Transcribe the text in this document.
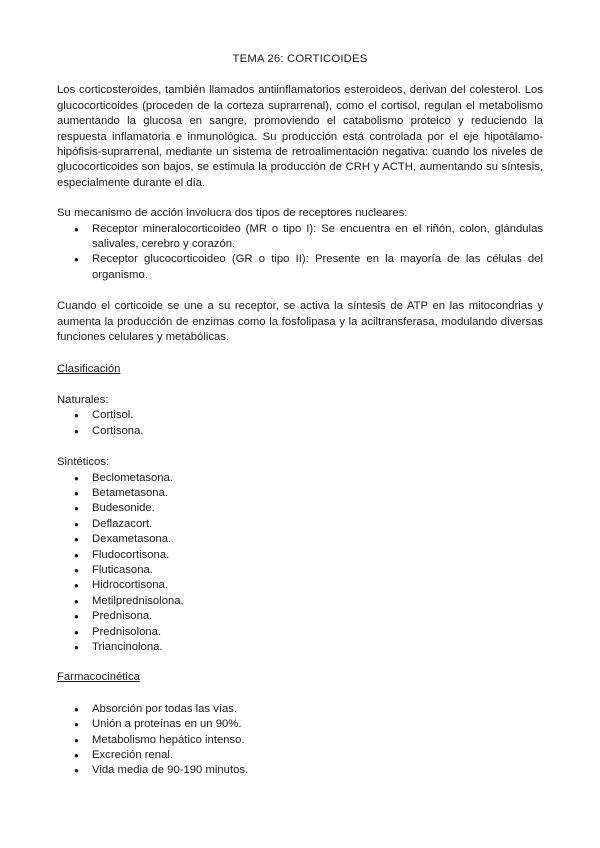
TEMA 26: CORTICOIDES

Los corticosteroides, también llamados antiinflamatorios esteroideos, derivan del colesterol. Los glucocorticoides (proceden de la corteza suprarrenal), como el cortisol, regulan el metabolismo aumentando la glucosa en sangre, promoviendo el catabolismo proteico y reduciendo la respuesta inflamatoria e inmunológica. Su producción está controlada por el eje hipotálamo-hipófisis-suprarrenal, mediante un sistema de retroalimentación negativa: cuando los niveles de glucocorticoides son bajos, se estimula la producción de CRH y ACTH, aumentando su síntesis, especialmente durante el día.

Su mecanismo de acción involucra dos tipos de receptores nucleares:

● Receptor mineralocorticoideo (MR o tipo I): Se encuentra en el riñón, colon, glándulas salivales, cerebro y corazón.
● Receptor glucocorticoideo (GR o tipo II): Presente en la mayoría de las células del organismo.

Cuando el corticoide se une a su receptor, se activa la síntesis de ATP en las mitocondrias y aumenta la producción de enzimas como la fosfolipasa y la aciltransferasa, modulando diversas funciones celulares y metabólicas.

Clasificación

Naturales:

● Cortisol.
● Cortisona.

Sintéticos:

● Beclometasona.
● Betametasona.
● Budesonide.
● Deflazacort.
● Dexametasona.
● Fludocortisona.
● Fluticasona.
● Hidrocortisona.
● Metilprednisolona.
● Prednisona.
● Prednisolona.
● Triancinolona.

Farmacocinética

● Absorción por todas las vías.
● Unión a proteínas en un 90%.
● Metabolismo hepático intenso.
● Excreción renal.
● Vida media de 90-190 minutos.
